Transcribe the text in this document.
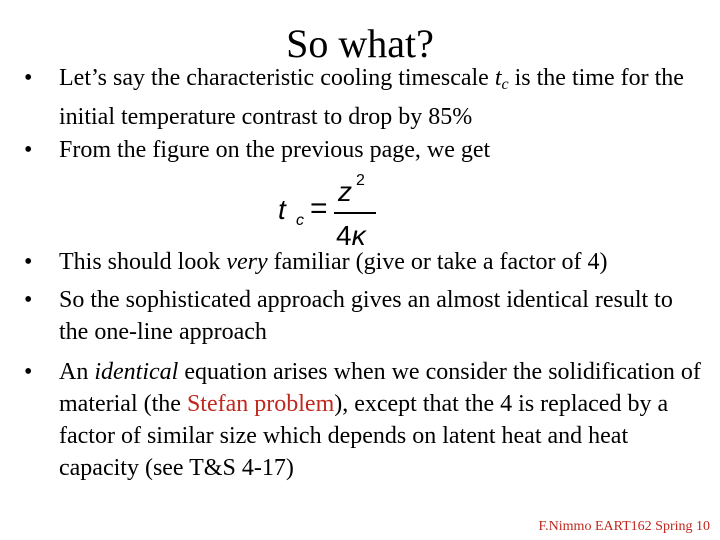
So what?
•	Let’s say the characteristic cooling timescale $t_c$ is the time for the initial temperature contrast to drop by 85%
•	From the figure on the previous page, we get
•	This should look very familiar (give or take a factor of 4)
•	So the sophisticated approach gives an almost identical result to the one-line approach
•	An identical equation arises when we consider the solidification of material (the Stefan problem), except that the 4 is replaced by a factor of similar size which depends on latent heat and heat capacity (see T&S 4-17)
t c =
z 2
4κ
F.Nimmo EART162 Spring 10
